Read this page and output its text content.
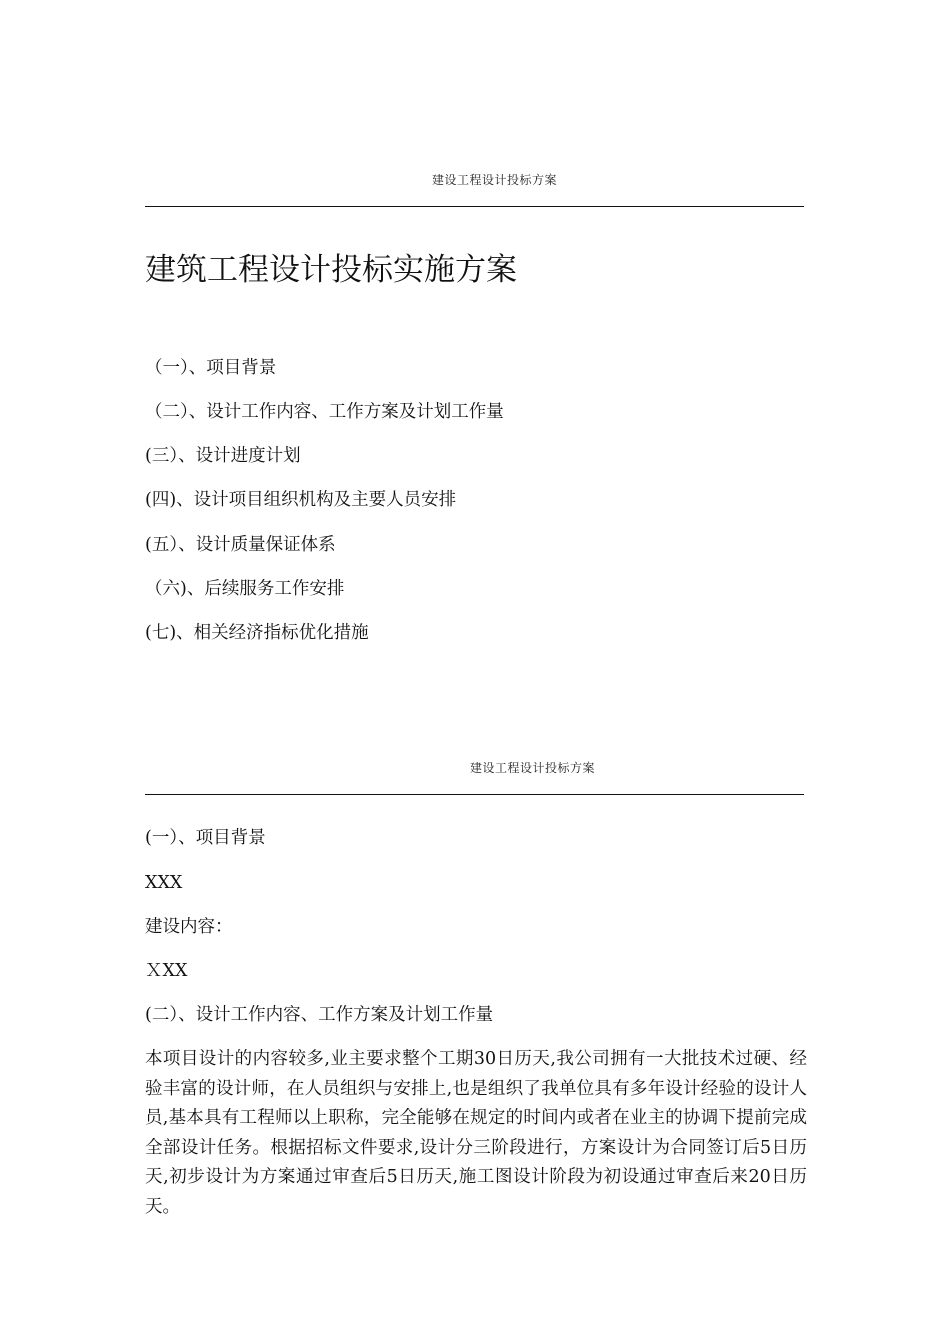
建设工程设计投标方案
建筑工程设计投标实施方案
（一）、项目背景
（二）、设计工作内容、工作方案及计划工作量
(三）、设计进度计划
(四)、设计项目组织机构及主要人员安排
(五）、设计质量保证体系
（六)、后续服务工作安排
(七)、相关经济指标优化措施
建设工程设计投标方案
(一）、项目背景
XXX
建设内容：
ＸXX
(二）、设计工作内容、工作方案及计划工作量

本项目设计的内容较多,业主要求整个工期30日历天,我公司拥有一大批技术过硬、经验丰富的设计师，在人员组织与安排上,也是组织了我单位具有多年设计经验的设计人员,基本具有工程师以上职称，完全能够在规定的时间内或者在业主的协调下提前完成全部设计任务。根据招标文件要求,设计分三阶段进行，方案设计为合同签订后5日历天,初步设计为方案通过审查后5日历天,施工图设计阶段为初设通过审查后来20日历天。
